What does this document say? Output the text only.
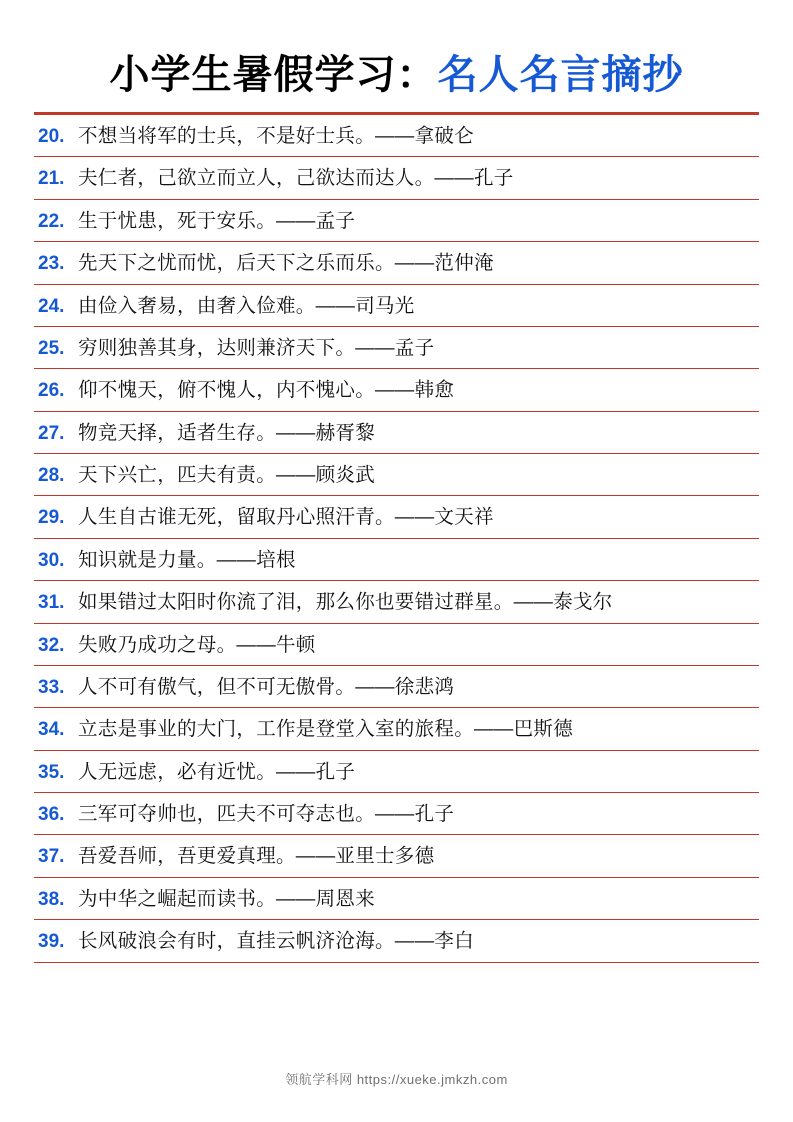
小学生暑假学习：名人名言摘抄
20. 不想当将军的士兵，不是好士兵。——拿破仑
21. 夫仁者，己欲立而立人，己欲达而达人。——孔子
22. 生于忧患，死于安乐。——孟子
23. 先天下之忧而忧，后天下之乐而乐。——范仲淹
24. 由俭入奢易，由奢入俭难。——司马光
25. 穷则独善其身，达则兼济天下。——孟子
26. 仰不愧天，俯不愧人，内不愧心。——韩愈
27. 物竞天择，适者生存。——赫胥黎
28. 天下兴亡，匹夫有责。——顾炎武
29. 人生自古谁无死，留取丹心照汗青。——文天祥
30. 知识就是力量。——培根
31. 如果错过太阳时你流了泪，那么你也要错过群星。——泰戈尔
32. 失败乃成功之母。——牛顿
33. 人不可有傲气，但不可无傲骨。——徐悲鸿
34. 立志是事业的大门，工作是登堂入室的旅程。——巴斯德
35. 人无远虑，必有近忧。——孔子
36. 三军可夺帅也，匹夫不可夺志也。——孔子
37. 吾爱吾师，吾更爱真理。——亚里士多德
38. 为中华之崛起而读书。——周恩来
39. 长风破浪会有时，直挂云帆济沧海。——李白
领航学科网 https://xueke.jmkzh.com
